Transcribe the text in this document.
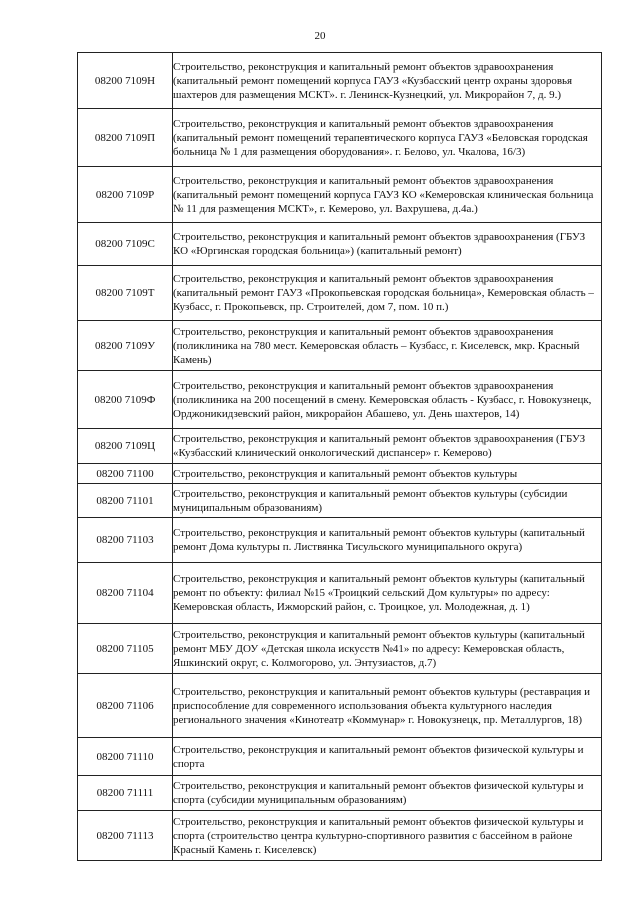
20
08200 7109Н	Строительство, реконструкция и капитальный ремонт объектов здравоохранения (капитальный ремонт помещений корпуса ГАУЗ «Кузбасский центр охраны здоровья шахтеров для размещения МСКТ». г. Ленинск-Кузнецкий, ул. Микрорайон 7, д. 9.)
08200 7109П	Строительство, реконструкция и капитальный ремонт объектов здравоохранения (капитальный ремонт помещений терапевтического корпуса ГАУЗ «Беловская городская больница № 1 для размещения оборудования». г. Белово, ул. Чкалова, 16/3)
08200 7109Р	Строительство, реконструкция и капитальный ремонт объектов здравоохранения (капитальный ремонт помещений корпуса ГАУЗ КО «Кемеровская клиническая больница № 11 для размещения МСКТ», г. Кемерово, ул. Вахрушева, д.4а.)
08200 7109С	Строительство, реконструкция и капитальный ремонт объектов здравоохранения (ГБУЗ КО «Юргинская городская больница») (капитальный ремонт)
08200 7109Т	Строительство, реконструкция и капитальный ремонт объектов здравоохранения (капитальный ремонт ГАУЗ «Прокопьевская городская больница», Кемеровская область – Кузбасс, г. Прокопьевск, пр. Строителей, дом 7, пом. 10 п.)
08200 7109У	Строительство, реконструкция и капитальный ремонт объектов здравоохранения (поликлиника на 780 мест. Кемеровская область – Кузбасс, г. Киселевск, мкр. Красный Камень)
08200 7109Ф	Строительство, реконструкция и капитальный ремонт объектов здравоохранения (поликлиника на 200 посещений в смену. Кемеровская область - Кузбасс, г. Новокузнецк, Орджоникидзевский район, микрорайон Абашево, ул. День шахтеров, 14)
08200 7109Ц	Строительство, реконструкция и капитальный ремонт объектов здравоохранения (ГБУЗ «Кузбасский клинический онкологический диспансер» г. Кемерово)
08200 71100	Строительство, реконструкция и капитальный ремонт объектов культуры
08200 71101	Строительство, реконструкция и капитальный ремонт объектов культуры (субсидии муниципальным образованиям)
08200 71103	Строительство, реконструкция и капитальный ремонт объектов культуры (капитальный ремонт Дома культуры п. Листвянка Тисульского муниципального округа)
08200 71104	Строительство, реконструкция и капитальный ремонт объектов культуры (капитальный ремонт по объекту: филиал №15 «Троицкий сельский Дом культуры» по адресу: Кемеровская область, Ижморский район, с. Троицкое, ул. Молодежная, д. 1)
08200 71105	Строительство, реконструкция и капитальный ремонт объектов культуры (капитальный ремонт МБУ ДОУ «Детская школа искусств №41» по адресу: Кемеровская область, Яшкинский округ, с. Колмогорово, ул. Энтузиастов, д.7)
08200 71106	Строительство, реконструкция и капитальный ремонт объектов культуры (реставрация и приспособление для современного использования объекта культурного наследия регионального значения «Кинотеатр «Коммунар» г. Новокузнецк, пр. Металлургов, 18)
08200 71110	Строительство, реконструкция и капитальный ремонт объектов физической культуры и спорта
08200 71111	Строительство, реконструкция и капитальный ремонт объектов физической культуры и спорта (субсидии муниципальным образованиям)
08200 71113	Строительство, реконструкция и капитальный ремонт объектов физической культуры и спорта (строительство центра культурно-спортивного развития с бассейном в районе Красный Камень г. Киселевск)
